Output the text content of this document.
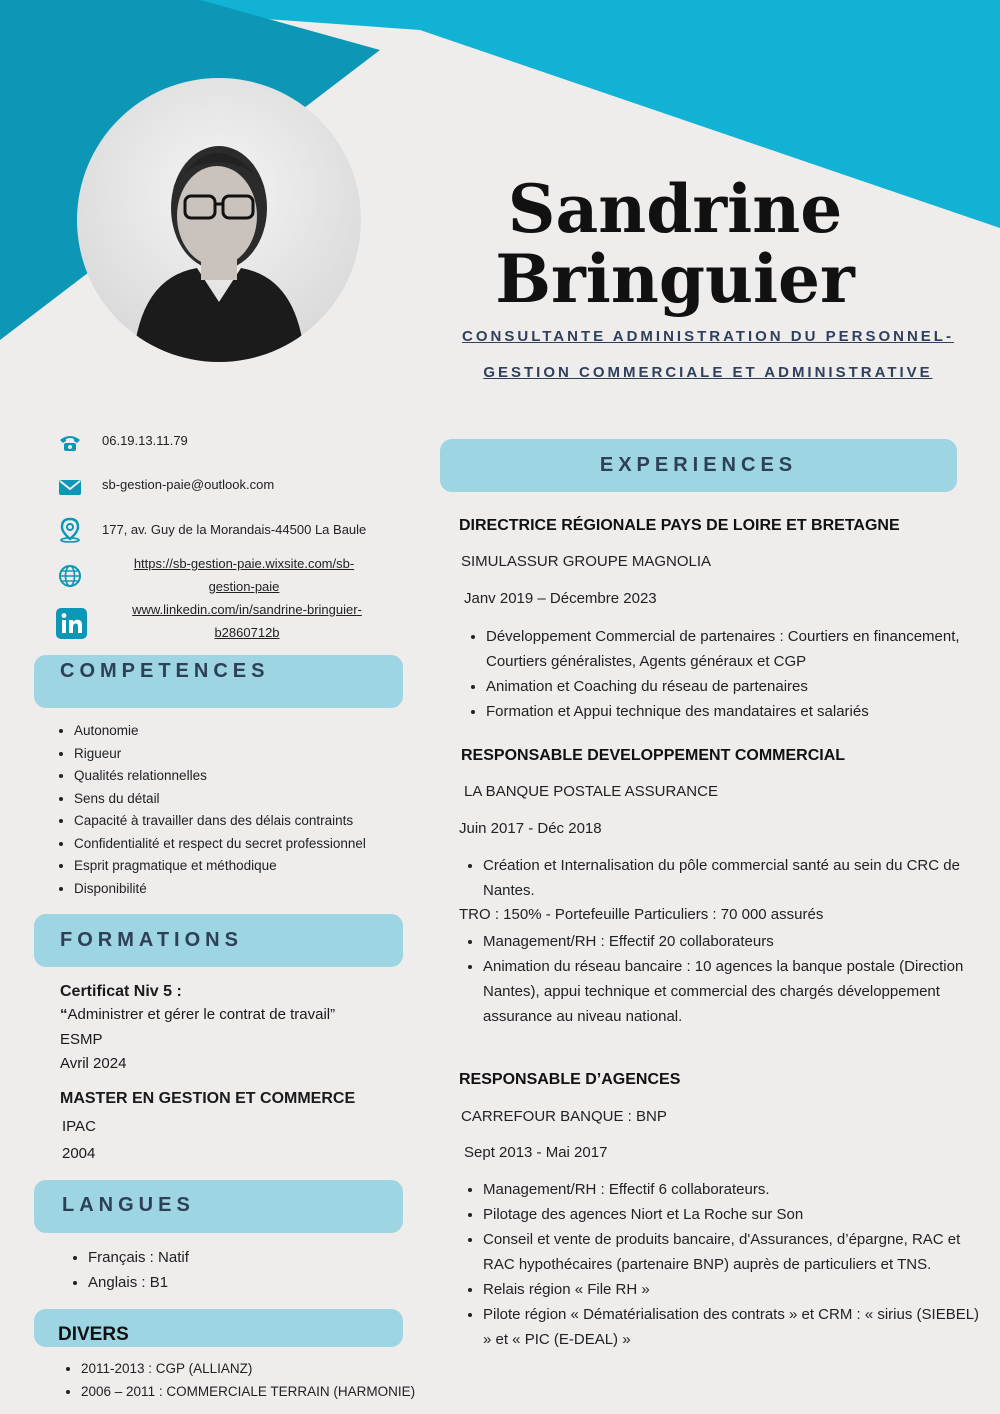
Sandrine
Bringuier
CONSULTANTE ADMINISTRATION DU PERSONNEL-
GESTION COMMERCIALE ET ADMINISTRATIVE
06.19.13.11.79
sb-gestion-paie@outlook.com
177, av. Guy de la Morandais-44500 La Baule
https://sb-gestion-paie.wixsite.com/sb-
gestion-paie
www.linkedin.com/in/sandrine-bringuier-
b2860712b
COMPETENCES
• Autonomie
• Rigueur
• Qualités relationnelles
• Sens du détail
• Capacité à travailler dans des délais contraints
• Confidentialité et respect du secret professionnel
• Esprit pragmatique et méthodique
• Disponibilité
FORMATIONS
Certificat Niv 5 :
“Administrer et gérer le contrat de travail”
ESMP
Avril 2024
MASTER EN GESTION ET COMMERCE
IPAC
2004
LANGUES
• Français : Natif
• Anglais : B1
DIVERS
• 2011-2013 : CGP (ALLIANZ)
• 2006 – 2011 : COMMERCIALE TERRAIN (HARMONIE)
EXPERIENCES
DIRECTRICE RÉGIONALE PAYS DE LOIRE ET BRETAGNE
SIMULASSUR GROUPE MAGNOLIA
Janv 2019 – Décembre 2023
• Développement Commercial de partenaires : Courtiers en financement, Courtiers généralistes, Agents généraux et CGP
• Animation et Coaching du réseau de partenaires
• Formation et Appui technique des mandataires et salariés
RESPONSABLE DEVELOPPEMENT COMMERCIAL
LA BANQUE POSTALE ASSURANCE
Juin 2017 - Déc 2018
• Création et Internalisation du pôle commercial santé au sein du CRC de Nantes.
TRO : 150% - Portefeuille Particuliers : 70 000 assurés
• Management/RH : Effectif 20 collaborateurs
• Animation du réseau bancaire : 10 agences la banque postale (Direction Nantes), appui technique et commercial des chargés développement assurance au niveau national.
RESPONSABLE D’AGENCES
CARREFOUR BANQUE : BNP
Sept 2013 - Mai 2017
• Management/RH : Effectif 6 collaborateurs.
• Pilotage des agences Niort et La Roche sur Son
• Conseil et vente de produits bancaire, d'Assurances, d’épargne, RAC et RAC hypothécaires (partenaire BNP) auprès de particuliers et TNS.
• Relais région « File RH »
• Pilote région « Dématérialisation des contrats » et CRM : « sirius (SIEBEL) » et « PIC (E-DEAL) »
